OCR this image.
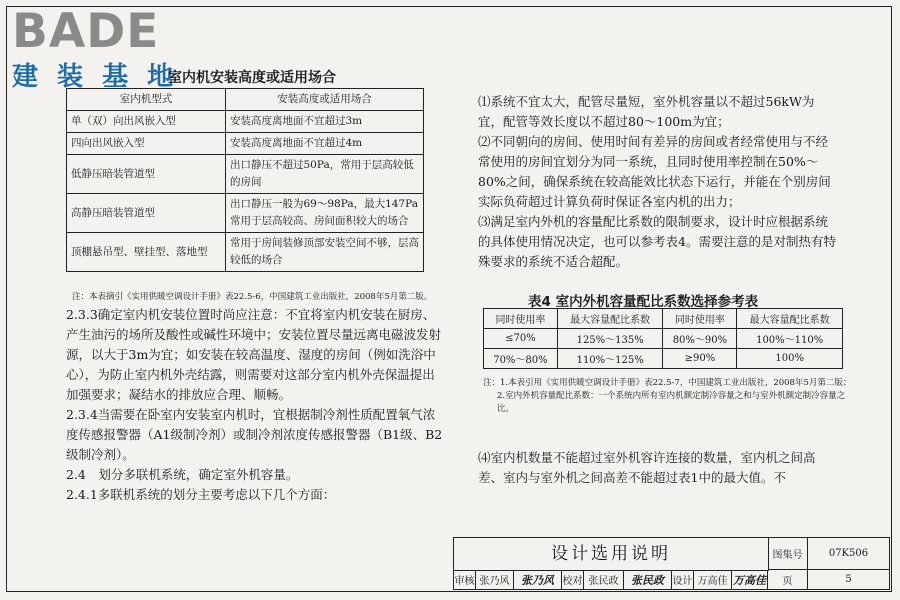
BADE
建 装 基 地
室内机安装高度或适用场合
室内机型式	安装高度或适用场合
单（双）向出风嵌入型	安装高度离地面不宜超过3m
四向出风嵌入型	安装高度离地面不宜超过4m
低静压暗装管道型	出口静压不超过50Pa，常用于层高较低的房间
高静压暗装管道型	出口静压一般为69～98Pa，最大147Pa常用于层高较高、房间面积较大的场合
顶棚悬吊型、壁挂型、落地型	常用于房间装修顶部安装空间不够，层高较低的场合
注：本表摘引《实用供暖空调设计手册》表22.5-6，中国建筑工业出版社，2008年5月第二版。

2.3.3确定室内机安装位置时尚应注意：不宜将室内机安装在厨房、产生油污的场所及酸性或碱性环境中；安装位置尽量远离电磁波发射源，以大于3m为宜；如安装在较高温度、湿度的房间（例如洗浴中心），为防止室内机外壳结露，则需要对这部分室内机外壳保温提出加强要求；凝结水的排放应合理、顺畅。

2.3.4当需要在卧室内安装室内机时，宜根据制冷剂性质配置氧气浓度传感报警器（A1级制冷剂）或制冷剂浓度传感报警器（B1级、B2级制冷剂）。

2.4　划分多联机系统，确定室外机容量。

2.4.1多联机系统的划分主要考虑以下几个方面：

⑴系统不宜太大，配管尽量短，室外机容量以不超过56kW为宜，配管等效长度以不超过80～100m为宜；

⑵不同朝向的房间、使用时间有差异的房间或者经常使用与不经常使用的房间宜划分为同一系统，且同时使用率控制在50%～80%之间，确保系统在较高能效比状态下运行，并能在个别房间实际负荷超过计算负荷时保证各室内机的出力；

⑶满足室内外机的容量配比系数的限制要求，设计时应根据系统的具体使用情况决定，也可以参考表4。需要注意的是对制热有特殊要求的系统不适合超配。

表4 室内外机容量配比系数选择参考表
同时使用率	最大容量配比系数	同时使用率	最大容量配比系数
≤70%	125%～135%	80%～90%	100%～110%
70%～80%	110%～125%	≥90%	100%
注：1.本表引用《实用供暖空调设计手册》表22.5-7，中国建筑工业出版社，2008年5月第二版；
2.室内外机容量配比系数：一个系统内所有室内机额定制冷容量之和与室外机额定制冷容量之比。
⑷室内机数量不能超过室外机容许连接的数量，室内机之间高差、室内与室外机之间高差不能超过表1中的最大值。不
设计选用说明	图集号	07K506
审核 张乃风	张乃风 校对 张民政	张民政 设计 万高佳 万高佳	页	5
